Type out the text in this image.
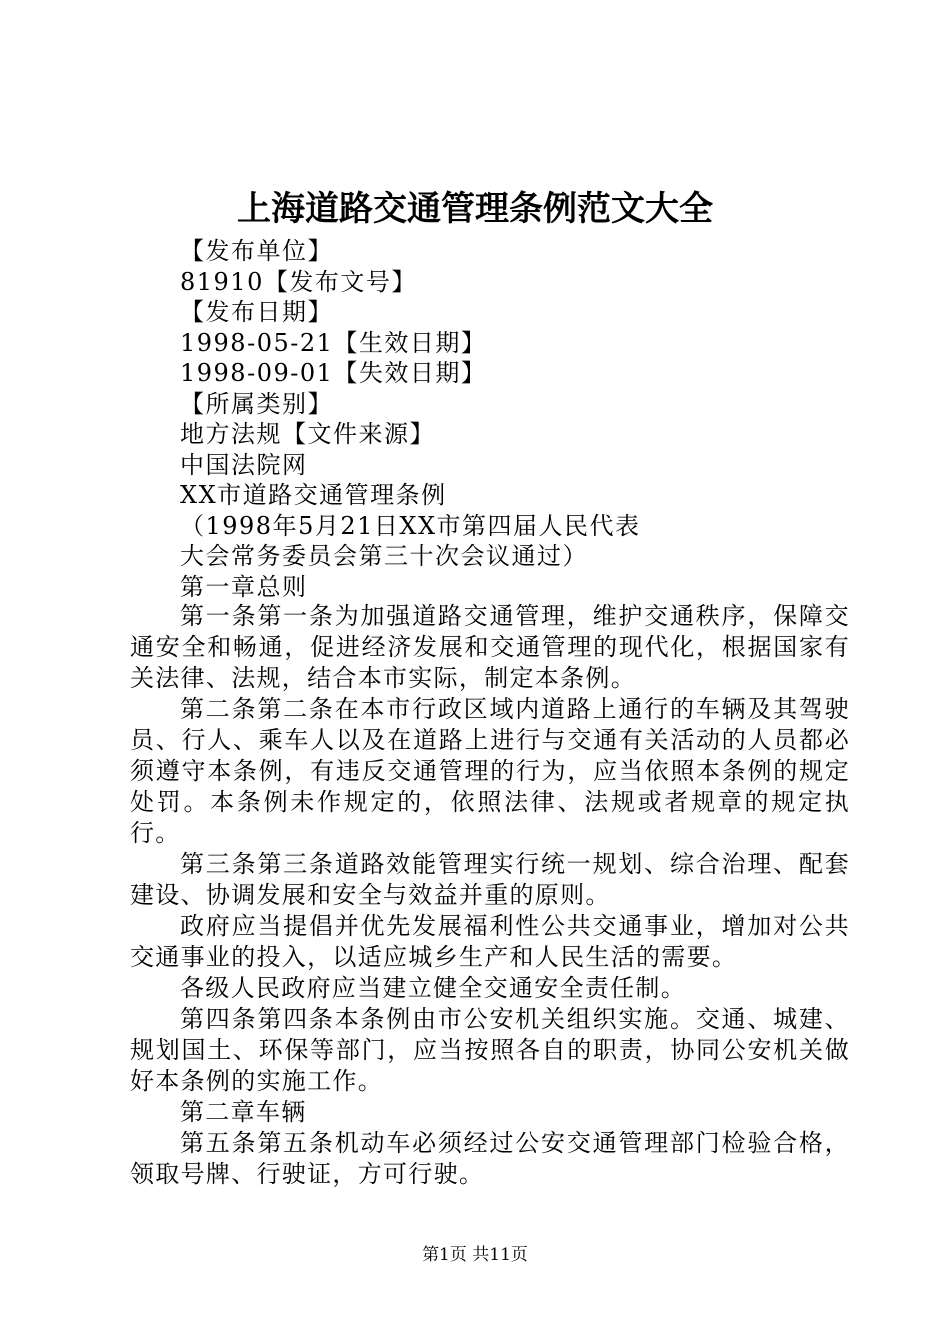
上海道路交通管理条例范文大全
【发布单位】
81910【发布文号】
【发布日期】
1998-05-21【生效日期】
1998-09-01【失效日期】
【所属类别】
地方法规【文件来源】
中国法院网
XX市道路交通管理条例
（1998年5月21日XX市第四届人民代表
大会常务委员会第三十次会议通过）
第一章总则

第一条第一条为加强道路交通管理，维护交通秩序，保障交通安全和畅通，促进经济发展和交通管理的现代化，根据国家有关法律、法规，结合本市实际，制定本条例。

第二条第二条在本市行政区域内道路上通行的车辆及其驾驶员、行人、乘车人以及在道路上进行与交通有关活动的人员都必须遵守本条例，有违反交通管理的行为，应当依照本条例的规定处罚。本条例未作规定的，依照法律、法规或者规章的规定执行。

第三条第三条道路效能管理实行统一规划、综合治理、配套建设、协调发展和安全与效益并重的原则。

政府应当提倡并优先发展福利性公共交通事业，增加对公共交通事业的投入，以适应城乡生产和人民生活的需要。

各级人民政府应当建立健全交通安全责任制。

第四条第四条本条例由市公安机关组织实施。交通、城建、规划国土、环保等部门，应当按照各自的职责，协同公安机关做好本条例的实施工作。

第二章车辆

第五条第五条机动车必须经过公安交通管理部门检验合格，领取号牌、行驶证，方可行驶。

第1页 共11页
